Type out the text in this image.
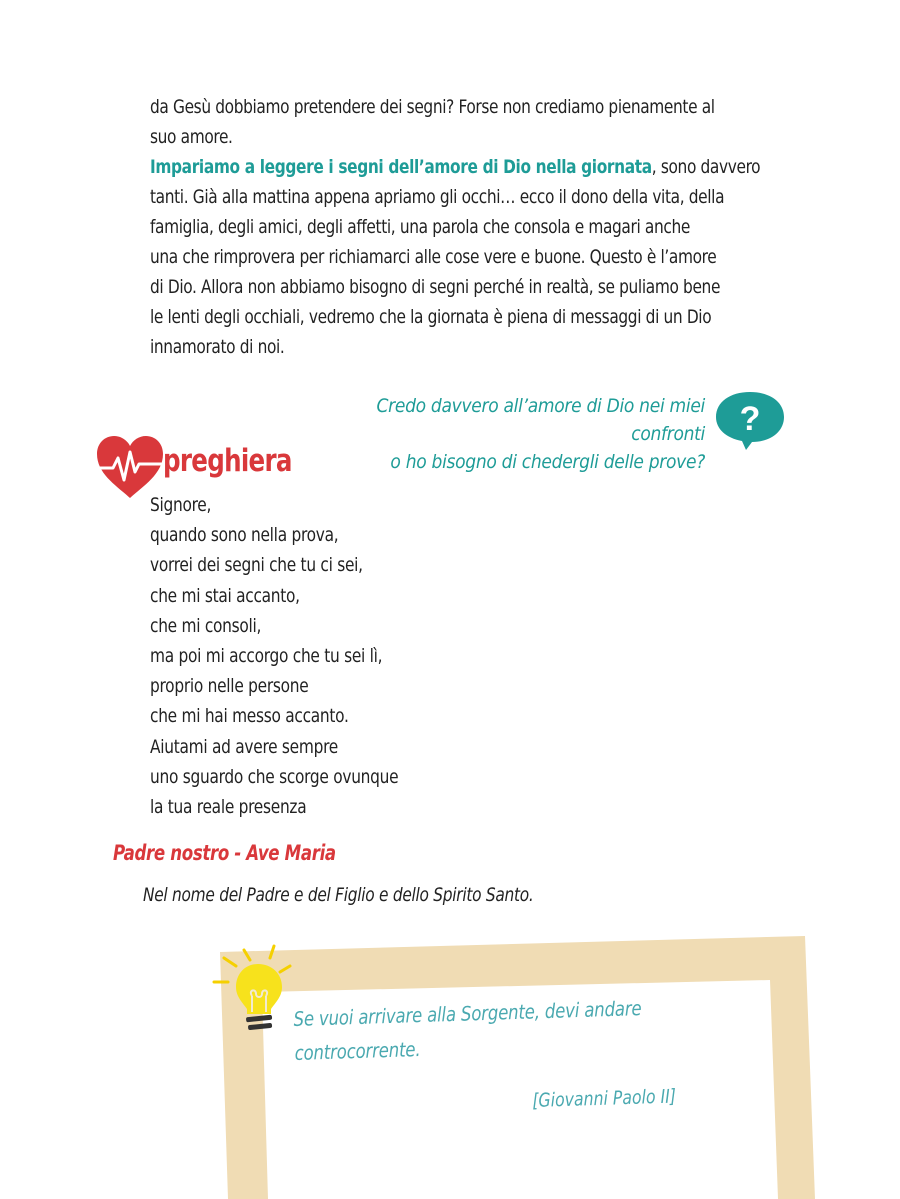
da Gesù dobbiamo pretendere dei segni? Forse non crediamo pienamente al
suo amore.
Impariamo a leggere i segni dell’amore di Dio nella giornata, sono davvero
tanti. Già alla mattina appena apriamo gli occhi… ecco il dono della vita, della
famiglia, degli amici, degli affetti, una parola che consola e magari anche
una che rimprovera per richiamarci alle cose vere e buone. Questo è l’amore
di Dio. Allora non abbiamo bisogno di segni perché in realtà, se puliamo bene
le lenti degli occhiali, vedremo che la giornata è piena di messaggi di un Dio
innamorato di noi.
Credo davvero all’amore di Dio nei miei confronti
o ho bisogno di chedergli delle prove?
?
preghiera
Signore,
quando sono nella prova,
vorrei dei segni che tu ci sei,
che mi stai accanto,
che mi consoli,
ma poi mi accorgo che tu sei lì,
proprio nelle persone
che mi hai messo accanto.
Aiutami ad avere sempre
uno sguardo che scorge ovunque
la tua reale presenza
Padre nostro - Ave Maria
Nel nome del Padre e del Figlio e dello Spirito Santo.
Se vuoi arrivare alla Sorgente, devi andare
controcorrente.
[Giovanni Paolo II]
